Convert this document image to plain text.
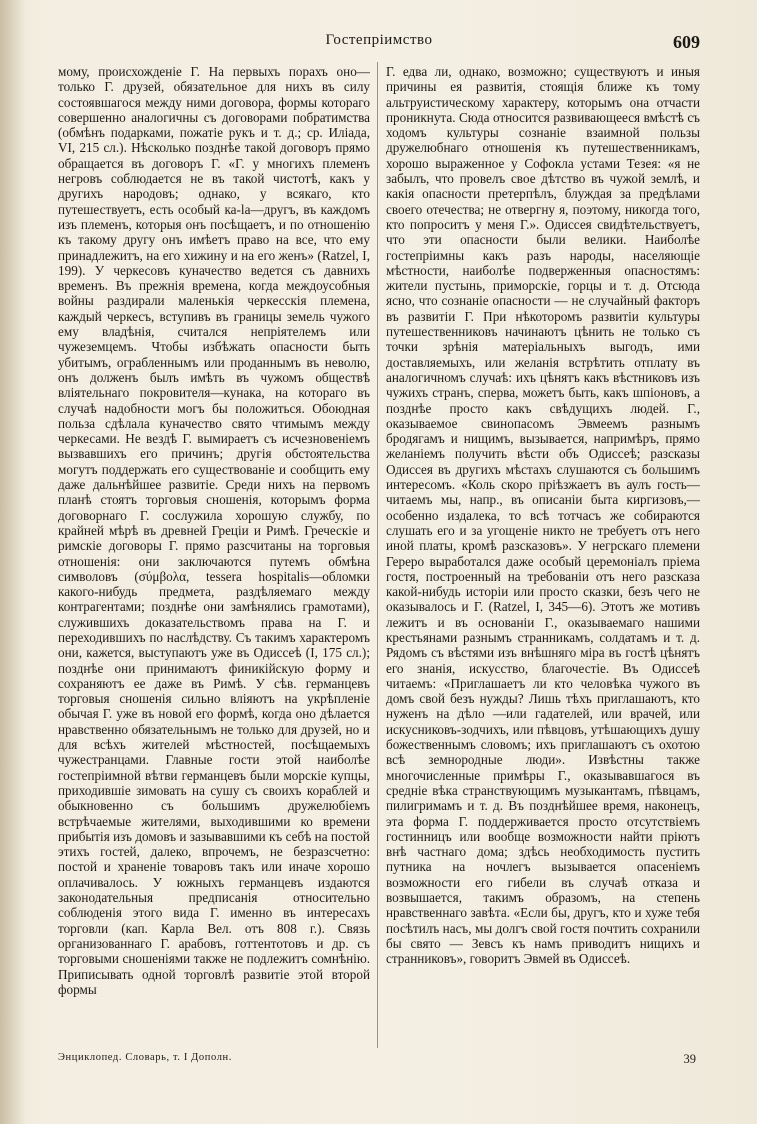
Гостепріимство	609

мому, происхожденіе Г. На первыхъ порахъ оно—только Г. друзей, обязательное для нихъ въ силу состоявшагося между ними договора, формы котораго совершенно аналогичны съ договорами побратимства (обмѣнъ подарками, пожатіе рукъ и т. д.; ср. Иліада, VI, 215 сл.). Нѣсколько позднѣе такой договоръ прямо обращается въ договоръ Г. «Г. у многихъ племенъ негровъ соблюдается не въ такой чистотѣ, какъ у другихъ народовъ; однако, у всякаго, кто путешествуетъ, есть особый ка-la—другъ, въ каждомъ изъ племенъ, которыя онъ посѣщаетъ, и по отношенію къ такому другу онъ имѣетъ право на все, что ему принадлежитъ, на его хижину и на его женъ» (Ratzel, I, 199). У черкесовъ куначество ведется съ давнихъ временъ. Въ прежнія времена, когда междоусобныя войны раздирали маленькія черкесскія племена, каждый черкесъ, вступивъ въ границы земель чужого ему владѣнія, считался непріятелемъ или чужеземцемъ. Чтобы избѣжать опасности быть убитымъ, ограбленнымъ или проданнымъ въ неволю, онъ долженъ былъ имѣть въ чужомъ обществѣ вліятельнаго покровителя—кунака, на котораго въ случаѣ надобности могъ бы положиться. Обоюдная польза сдѣлала куначество свято чтимымъ между черкесами. Не вездѣ Г. вымираетъ съ исчезновеніемъ вызвавшихъ его причинъ; другія обстоятельства могутъ поддержать его существованіе и сообщить ему даже дальнѣйшее развитіе. Среди нихъ на первомъ планѣ стоятъ торговыя сношенія, которымъ форма договорнаго Г. сослужила хорошую службу, по крайней мѣрѣ въ древней Греціи и Римѣ. Греческіе и римскіе договоры Г. прямо разсчитаны на торговыя отношенія: они заключаются путемъ обмѣна символовъ (σύμβολα, tessera hospitalis—обломки какого-нибудь предмета, раздѣляемаго между контрагентами; позднѣе они замѣнялись грамотами), служившихъ доказательствомъ права на Г. и переходившихъ по наслѣдству. Съ такимъ характеромъ они, кажется, выступаютъ уже въ Одиссеѣ (I, 175 сл.); позднѣе они принимаютъ финикійскую форму и сохраняютъ ее даже въ Римѣ. У сѣв. германцевъ торговыя сношенія сильно вліяютъ на укрѣпленіе обычая Г. уже въ новой его формѣ, когда оно дѣлается нравственно обязательнымъ не только для друзей, но и для всѣхъ жителей мѣстностей, посѣщаемыхъ чужестранцами. Главные гости этой наиболѣе гостепріимной вѣтви германцевъ были морскіе купцы, приходившіе зимовать на сушу съ своихъ кораблей и обыкновенно съ большимъ дружелюбіемъ встрѣчаемые жителями, выходившими ко времени прибытія изъ домовъ и зазывавшими къ себѣ на постой этихъ гостей, далеко, впрочемъ, не безразсчетно: постой и храненіе товаровъ такъ или иначе хорошо оплачивалось. У южныхъ германцевъ издаются законодательныя предписанія относительно соблюденія этого вида Г. именно въ интересахъ торговли (кап. Карла Вел. отъ 808 г.). Связь организованнаго Г. арабовъ, готтентотовъ и др. съ торговыми сношеніями также не подлежитъ сомнѣнію. Приписывать одной торговлѣ развитіе этой второй формы

Г. едва ли, однако, возможно; существуютъ и иныя причины ея развитія, стоящія ближе къ тому альтруистическому характеру, которымъ она отчасти проникнута. Сюда относится развивающееся вмѣстѣ съ ходомъ культуры сознаніе взаимной пользы дружелюбнаго отношенія къ путешественникамъ, хорошо выраженное у Софокла устами Тезея: «я не забылъ, что провелъ свое дѣтство въ чужой землѣ, и какія опасности претерпѣлъ, блуждая за предѣлами своего отечества; не отвергну я, поэтому, никогда того, кто попроситъ у меня Г.». Одиссея свидѣтельствуетъ, что эти опасности были велики. Наиболѣе гостепріимны какъ разъ народы, населяющіе мѣстности, наиболѣе подверженныя опасностямъ: жители пустынь, приморскіе, горцы и т. д. Отсюда ясно, что сознаніе опасности — не случайный факторъ въ развитіи Г. При нѣкоторомъ развитіи культуры путешественниковъ начинаютъ цѣнить не только съ точки зрѣнія матеріальныхъ выгодъ, ими доставляемыхъ, или желанія встрѣтить отплату въ аналогичномъ случаѣ: ихъ цѣнятъ какъ вѣстниковъ изъ чужихъ странъ, сперва, можетъ быть, какъ шпіоновъ, а позднѣе просто какъ свѣдущихъ людей. Г., оказываемое свинопасомъ Эвмеемъ разнымъ бродягамъ и нищимъ, вызывается, напримѣръ, прямо желаніемъ получить вѣсти объ Одиссеѣ; разсказы Одиссея въ другихъ мѣстахъ слушаются съ большимъ интересомъ. «Коль скоро пріѣзжаетъ въ аулъ гость—читаемъ мы, напр., въ описаніи быта киргизовъ,—особенно издалека, то всѣ тотчасъ же собираются слушать его и за угощеніе никто не требуетъ отъ него иной платы, кромѣ разсказовъ». У негрскаго племени Гереро выработался даже особый церемоніалъ пріема гостя, построенный на требованіи отъ него разсказа какой-нибудь исторіи или просто сказки, безъ чего не оказывалось и Г. (Ratzel, I, 345—6). Этотъ же мотивъ лежитъ и въ основаніи Г., оказываемаго нашими крестьянами разнымъ странникамъ, солдатамъ и т. д. Рядомъ съ вѣстями изъ внѣшняго міра въ гостѣ цѣнятъ его знанія, искусство, благочестіе. Въ Одиссеѣ читаемъ: «Приглашаетъ ли кто человѣка чужого въ домъ свой безъ нужды? Лишь тѣхъ приглашаютъ, кто нуженъ на дѣло —или гадателей, или врачей, или искусниковъ-зодчихъ, или пѣвцовъ, утѣшающихъ душу божественнымъ словомъ; ихъ приглашаютъ съ охотою всѣ земнородные люди». Извѣстны также многочисленные примѣры Г., оказывавшагося въ средніе вѣка странствующимъ музыкантамъ, пѣвцамъ, пилигримамъ и т. д. Въ позднѣйшее время, наконецъ, эта форма Г. поддерживается просто отсутствіемъ гостинницъ или вообще возможности найти пріютъ внѣ частнаго дома; здѣсь необходимость пустить путника на ночлегъ вызывается опасеніемъ возможности его гибели въ случаѣ отказа и возвышается, такимъ образомъ, на степень нравственнаго завѣта. «Если бы, другъ, кто и хуже тебя посѣтилъ насъ, мы долгъ свой гостя почтить сохранили бы свято — Зевсъ къ намъ приводитъ нищихъ и странниковъ», говоритъ Эвмей въ Одиссеѣ.

Энциклопед. Словарь, т. I Дополн.	39
